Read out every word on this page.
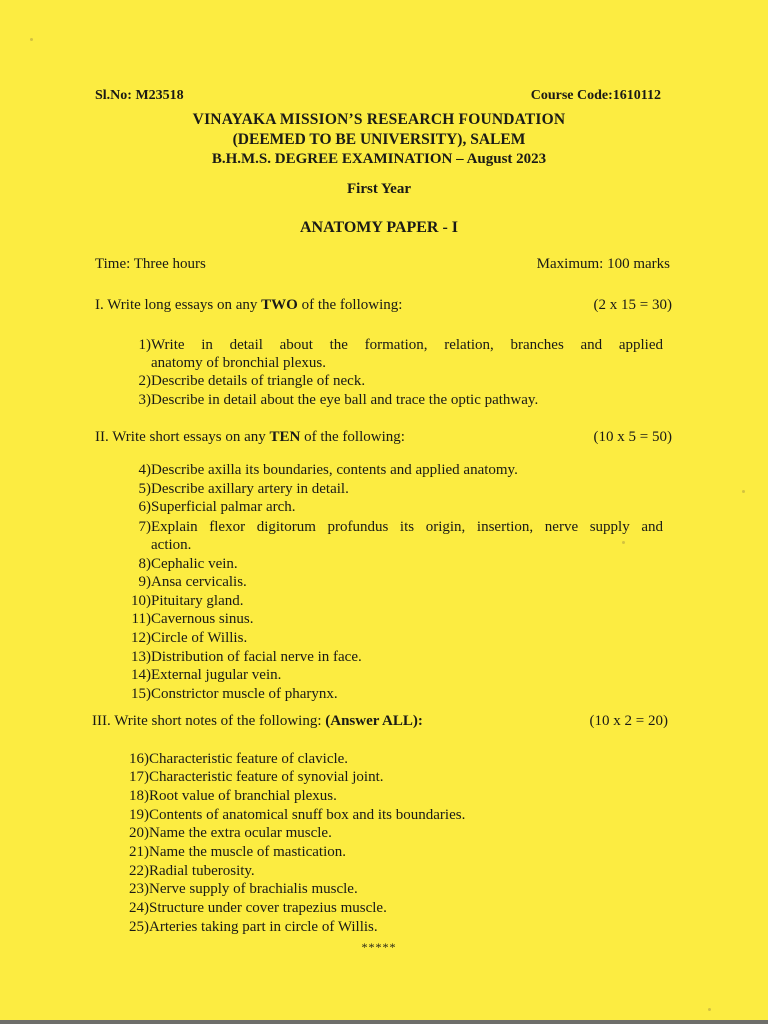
Sl.No: M23518	Course Code:1610112
VINAYAKA MISSION’S RESEARCH FOUNDATION
(DEEMED TO BE UNIVERSITY), SALEM
B.H.M.S. DEGREE EXAMINATION – August 2023
First Year
ANATOMY PAPER - I
Time: Three hours	Maximum: 100 marks
I. Write long essays on any TWO of the following:	(2 x 15 = 30)
1) Write in detail about the formation, relation, branches and applied
anatomy of bronchial plexus.
2) Describe details of triangle of neck.
3) Describe in detail about the eye ball and trace the optic pathway.
II. Write short essays on any TEN of the following:	(10 x 5 = 50)
4) Describe axilla its boundaries, contents and applied anatomy.
5) Describe axillary artery in detail.
6) Superficial palmar arch.
7) Explain flexor digitorum profundus its origin, insertion, nerve supply and
action.
8) Cephalic vein.
9) Ansa cervicalis.
10) Pituitary gland.
11) Cavernous sinus.
12) Circle of Willis.
13) Distribution of facial nerve in face.
14) External jugular vein.
15) Constrictor muscle of pharynx.
III. Write short notes of the following: (Answer ALL):	(10 x 2 = 20)
16) Characteristic feature of clavicle.
17) Characteristic feature of synovial joint.
18) Root value of branchial plexus.
19) Contents of anatomical snuff box and its boundaries.
20) Name the extra ocular muscle.
21) Name the muscle of mastication.
22) Radial tuberosity.
23) Nerve supply of brachialis muscle.
24) Structure under cover trapezius muscle.
25) Arteries taking part in circle of Willis.
*****
